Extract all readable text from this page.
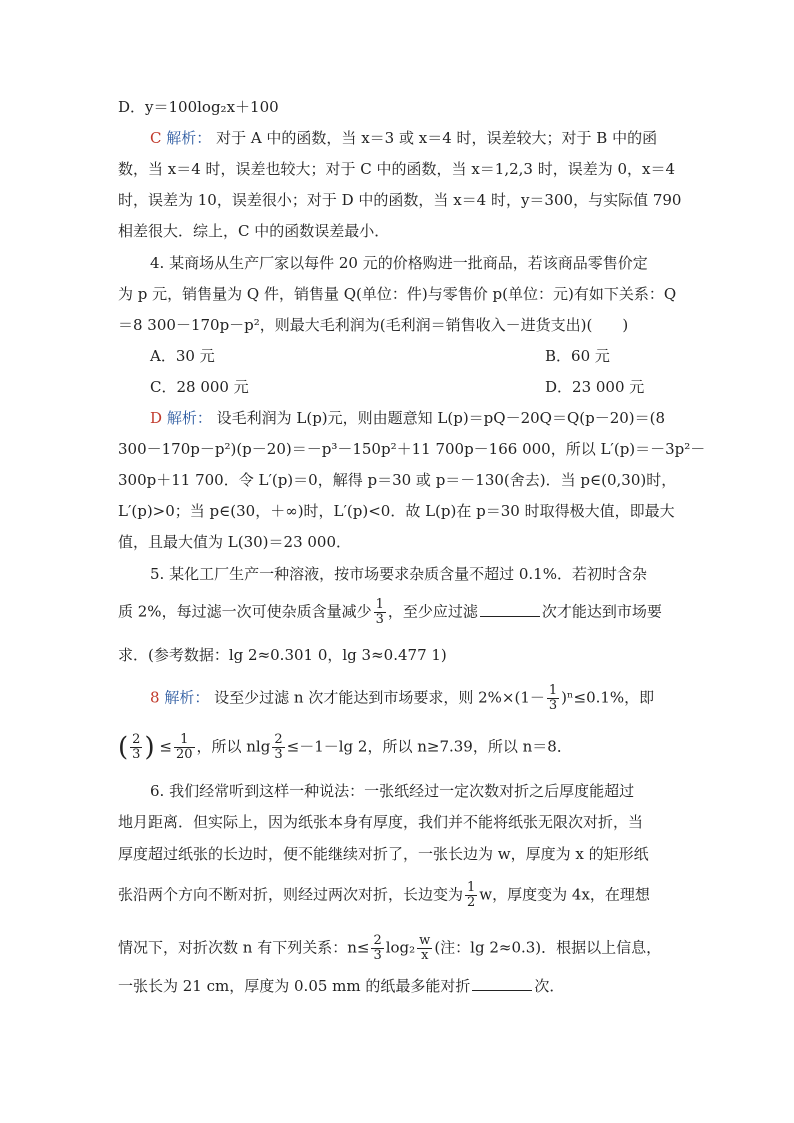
D．y＝100log₂x＋100
C 解析： 对于 A 中的函数，当 x＝3 或 x＝4 时，误差较大；对于 B 中的函
数，当 x＝4 时，误差也较大；对于 C 中的函数，当 x＝1,2,3 时，误差为 0，x＝4
时，误差为 10，误差很小；对于 D 中的函数，当 x＝4 时，y＝300，与实际值 790
相差很大．综上，C 中的函数误差最小．
4. 某商场从生产厂家以每件 20 元的价格购进一批商品，若该商品零售价定
为 p 元，销售量为 Q 件，销售量 Q(单位：件)与零售价 p(单位：元)有如下关系：Q
＝8 300－170p－p²，则最大毛利润为(毛利润＝销售收入－进货支出)(　　)
A．30 元	B．60 元
C．28 000 元	D．23 000 元
D 解析： 设毛利润为 L(p)元，则由题意知 L(p)＝pQ－20Q＝Q(p－20)＝(8
300－170p－p²)(p－20)＝－p³－150p²＋11 700p－166 000，所以 L′(p)＝－3p²－
300p＋11 700．令 L′(p)＝0，解得 p＝30 或 p＝－130(舍去)．当 p∈(0,30)时，
L′(p)>0；当 p∈(30，＋∞)时，L′(p)<0．故 L(p)在 p＝30 时取得极大值，即最大
值，且最大值为 L(30)＝23 000．
5. 某化工厂生产一种溶液，按市场要求杂质含量不超过 0.1%．若初时含杂
质 2%，每过滤一次可使杂质含量减少 $\frac{1}{3}$ ，至少应过滤	次才能达到市场要
求．(参考数据：lg 2≈0.301 0，lg 3≈0.477 1)
8 解析： 设至少过滤 n 次才能达到市场要求，则 $2\%\times(1- \frac{1}{3} )^n\le 0.1\%$，即
( $\frac{2}{3}$ ) ≤ $\frac{1}{20}$ ，所以 nlg $\frac{2}{3} \le-1-\lg$ 2，所以 n≥7.39，所以 n＝8．
6. 我们经常听到这样一种说法：一张纸经过一定次数对折之后厚度能超过
地月距离．但实际上，因为纸张本身有厚度，我们并不能将纸张无限次对折，当
厚度超过纸张的长边时，便不能继续对折了，一张长边为 w，厚度为 x 的矩形纸
张沿两个方向不断对折，则经过两次对折，长边变为 $\frac{1}{2}$ w，厚度变为 4x，在理想
情况下，对折次数 n 有下列关系：$n\le \frac{2}{3} \log_2 \frac{w}{x}$ (注：lg 2≈0.3)．根据以上信息，
一张长为 21 cm，厚度为 0.05 mm 的纸最多能对折	次．
